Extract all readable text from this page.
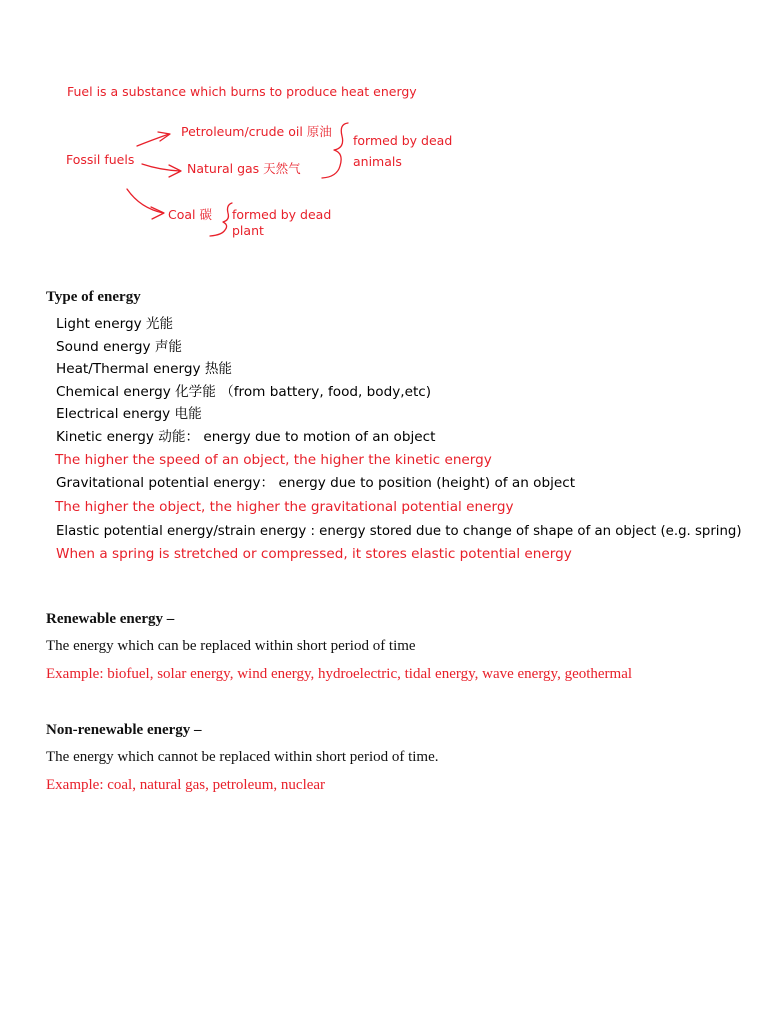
Fuel is a substance which burns to produce heat energy
Fossil fuels
Petroleum/crude oil 原油
Natural gas 天然气
Coal 碳
formed by dead
animals
formed by dead
plant
Type of energy
Light energy 光能
Sound energy 声能
Heat/Thermal energy 热能
Chemical energy 化学能 （from battery, food, body,etc)
Electrical energy 电能
Kinetic energy 动能： energy due to motion of an object
The higher the speed of an object, the higher the kinetic energy
Gravitational potential energy： energy due to position (height) of an object
The higher the object, the higher the gravitational potential energy
Elastic potential energy/strain energy : energy stored due to change of shape of an object (e.g. spring)
When a spring is stretched or compressed, it stores elastic potential energy
Renewable energy –
The energy which can be replaced within short period of time
Example: biofuel, solar energy, wind energy, hydroelectric, tidal energy, wave energy, geothermal
Non-renewable energy –
The energy which cannot be replaced within short period of time.
Example: coal, natural gas, petroleum, nuclear
